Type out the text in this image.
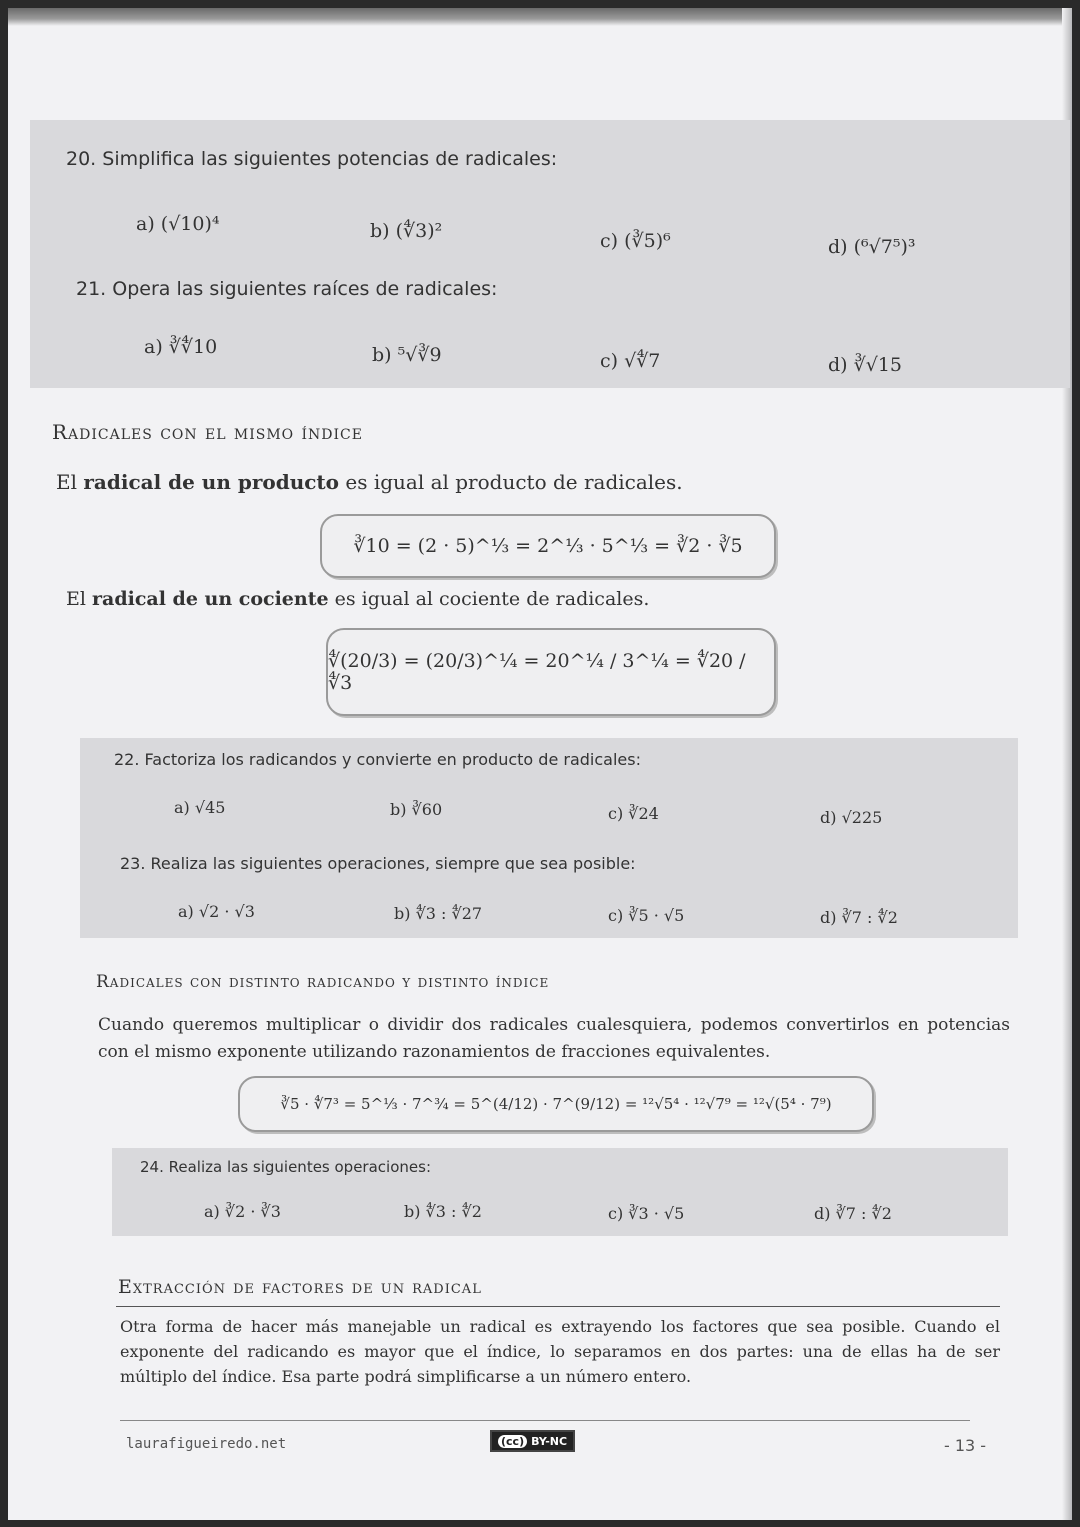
20. Simplifica las siguientes potencias de radicales:
a) (√10)⁴	b) (∜3)²	c) (∛5)⁶	d) (⁶√7⁵)³
21. Opera las siguientes raíces de radicales:
a) ∛∜10	b) ⁵√∛9	c) √∜7	d) ∛√15
Radicales con el mismo índice
El radical de un producto es igual al producto de radicales.
∛10 = (2 · 5)^⅓ = 2^⅓ · 5^⅓ = ∛2 · ∛5
El radical de un cociente es igual al cociente de radicales.
∜(20/3) = (20/3)^¼ = 20^¼ / 3^¼ = ∜20 / ∜3
22. Factoriza los radicandos y convierte en producto de radicales:
a) √45	b) ∛60	c) ∛24	d) √225
23. Realiza las siguientes operaciones, siempre que sea posible:
a) √2 · √3	b) ∜3 : ∜27	c) ∛5 · √5	d) ∛7 : ∜2
Radicales con distinto radicando y distinto índice
Cuando queremos multiplicar o dividir dos radicales cualesquiera, podemos convertirlos en potencias con el mismo exponente utilizando razonamientos de fracciones equivalentes.
∛5 · ∜7³ = 5^⅓ · 7^¾ = 5^(4/12) · 7^(9/12) = ¹²√5⁴ · ¹²√7⁹ = ¹²√(5⁴ · 7⁹)
24. Realiza las siguientes operaciones:
a) ∛2 · ∛3	b) ∜3 : ∜2	c) ∛3 · √5	d) ∛7 : ∜2
Extracción de factores de un radical
Otra forma de hacer más manejable un radical es extrayendo los factores que sea posible. Cuando el exponente del radicando es mayor que el índice, lo separamos en dos partes: una de ellas ha de ser múltiplo del índice. Esa parte podrá simplificarse a un número entero.
laurafigueiredo.net	(cc) BY-NC	- 13 -
